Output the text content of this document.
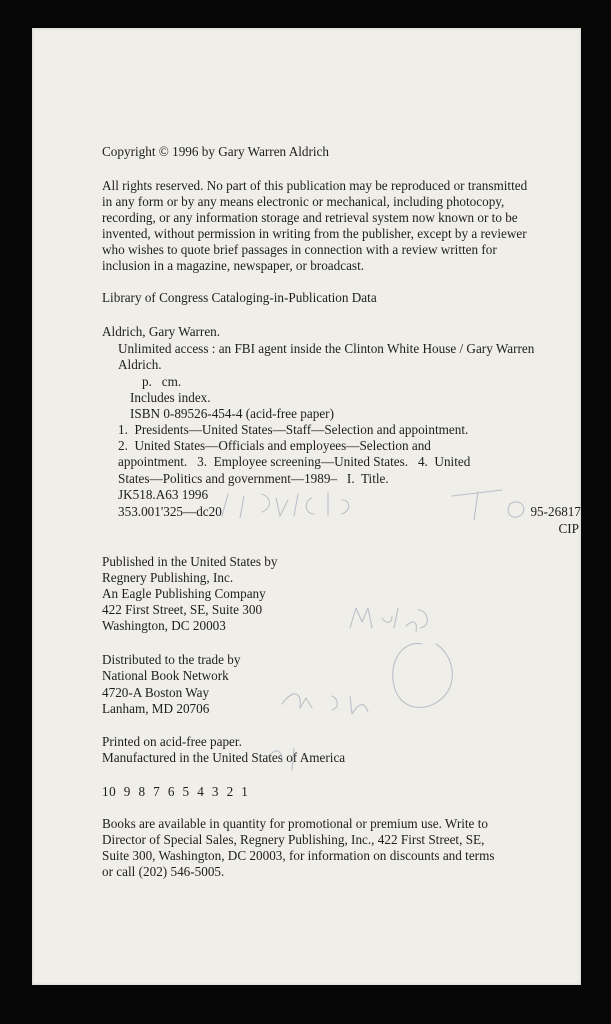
Copyright © 1996 by Gary Warren Aldrich

All rights reserved. No part of this publication may be reproduced or transmitted

in any form or by any means electronic or mechanical, including photocopy,

recording, or any information storage and retrieval system now known or to be

invented, without permission in writing from the publisher, except by a reviewer

who wishes to quote brief passages in connection with a review written for

inclusion in a magazine, newspaper, or broadcast.

Library of Congress Cataloging-in-Publication Data

Aldrich, Gary Warren.

Unlimited access : an FBI agent inside the Clinton White House / Gary Warren

Aldrich.

p.   cm.

Includes index.

ISBN 0-89526-454-4 (acid-free paper)

1.  Presidents—United States—Staff—Selection and appointment.

2.  United States—Officials and employees—Selection and

appointment.   3.  Employee screening—United States.   4.  United

States—Politics and government—1989–   I.  Title.

JK518.A63 1996

353.001'325—dc20	95-26817

CIP

Published in the United States by

Regnery Publishing, Inc.

An Eagle Publishing Company

422 First Street, SE, Suite 300

Washington, DC 20003

Distributed to the trade by

National Book Network

4720-A Boston Way

Lanham, MD 20706

Printed on acid-free paper.

Manufactured in the United States of America

10  9  8  7  6  5  4  3  2  1

Books are available in quantity for promotional or premium use. Write to

Director of Special Sales, Regnery Publishing, Inc., 422 First Street, SE,

Suite 300, Washington, DC 20003, for information on discounts and terms

or call (202) 546-5005.
